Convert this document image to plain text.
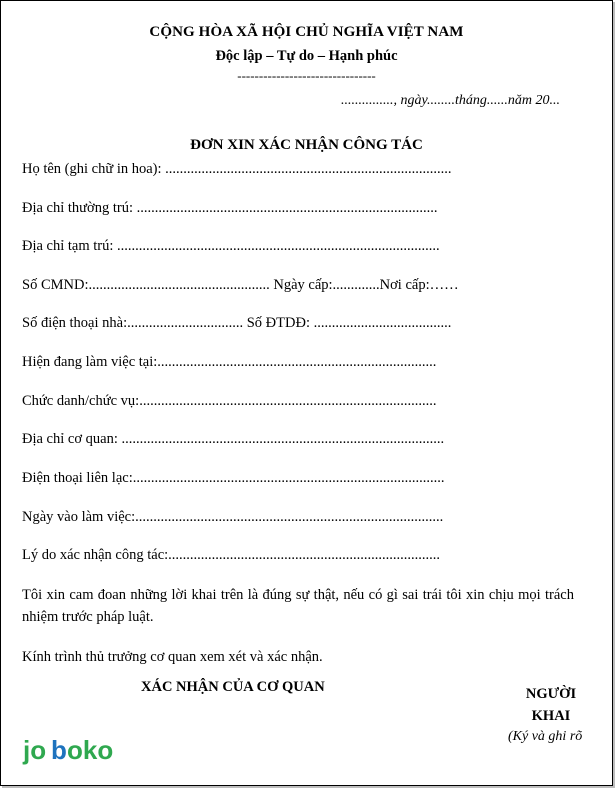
CỘNG HÒA XÃ HỘI CHỦ NGHĨA VIỆT NAM
Độc lập – Tự do – Hạnh phúc
--------------------------------
..............., ngày........tháng......năm 20...
ĐƠN XIN XÁC NHẬN CÔNG TÁC
Họ tên (ghi chữ in hoa): ...............................................................................
Địa chỉ thường trú: ...................................................................................
Địa chỉ tạm trú: .........................................................................................
Số CMND:.................................................. Ngày cấp:.............Nơi cấp:……
Số điện thoại nhà:................................ Số ĐTDĐ: ......................................
Hiện đang làm việc tại:.............................................................................
Chức danh/chức vụ:..................................................................................
Địa chỉ cơ quan: .........................................................................................
Điện thoại liên lạc:......................................................................................
Ngày vào làm việc:.....................................................................................
Lý do xác nhận công tác:...........................................................................
Tôi xin cam đoan những lời khai trên là đúng sự thật, nếu có gì sai trái tôi xin chịu mọi trách nhiệm trước pháp luật.
Kính trình thủ trưởng cơ quan xem xét và xác nhận.
XÁC NHẬN CỦA CƠ QUAN	NGƯỜI
KHAI
(Ký và ghi rõ
jo b oko
